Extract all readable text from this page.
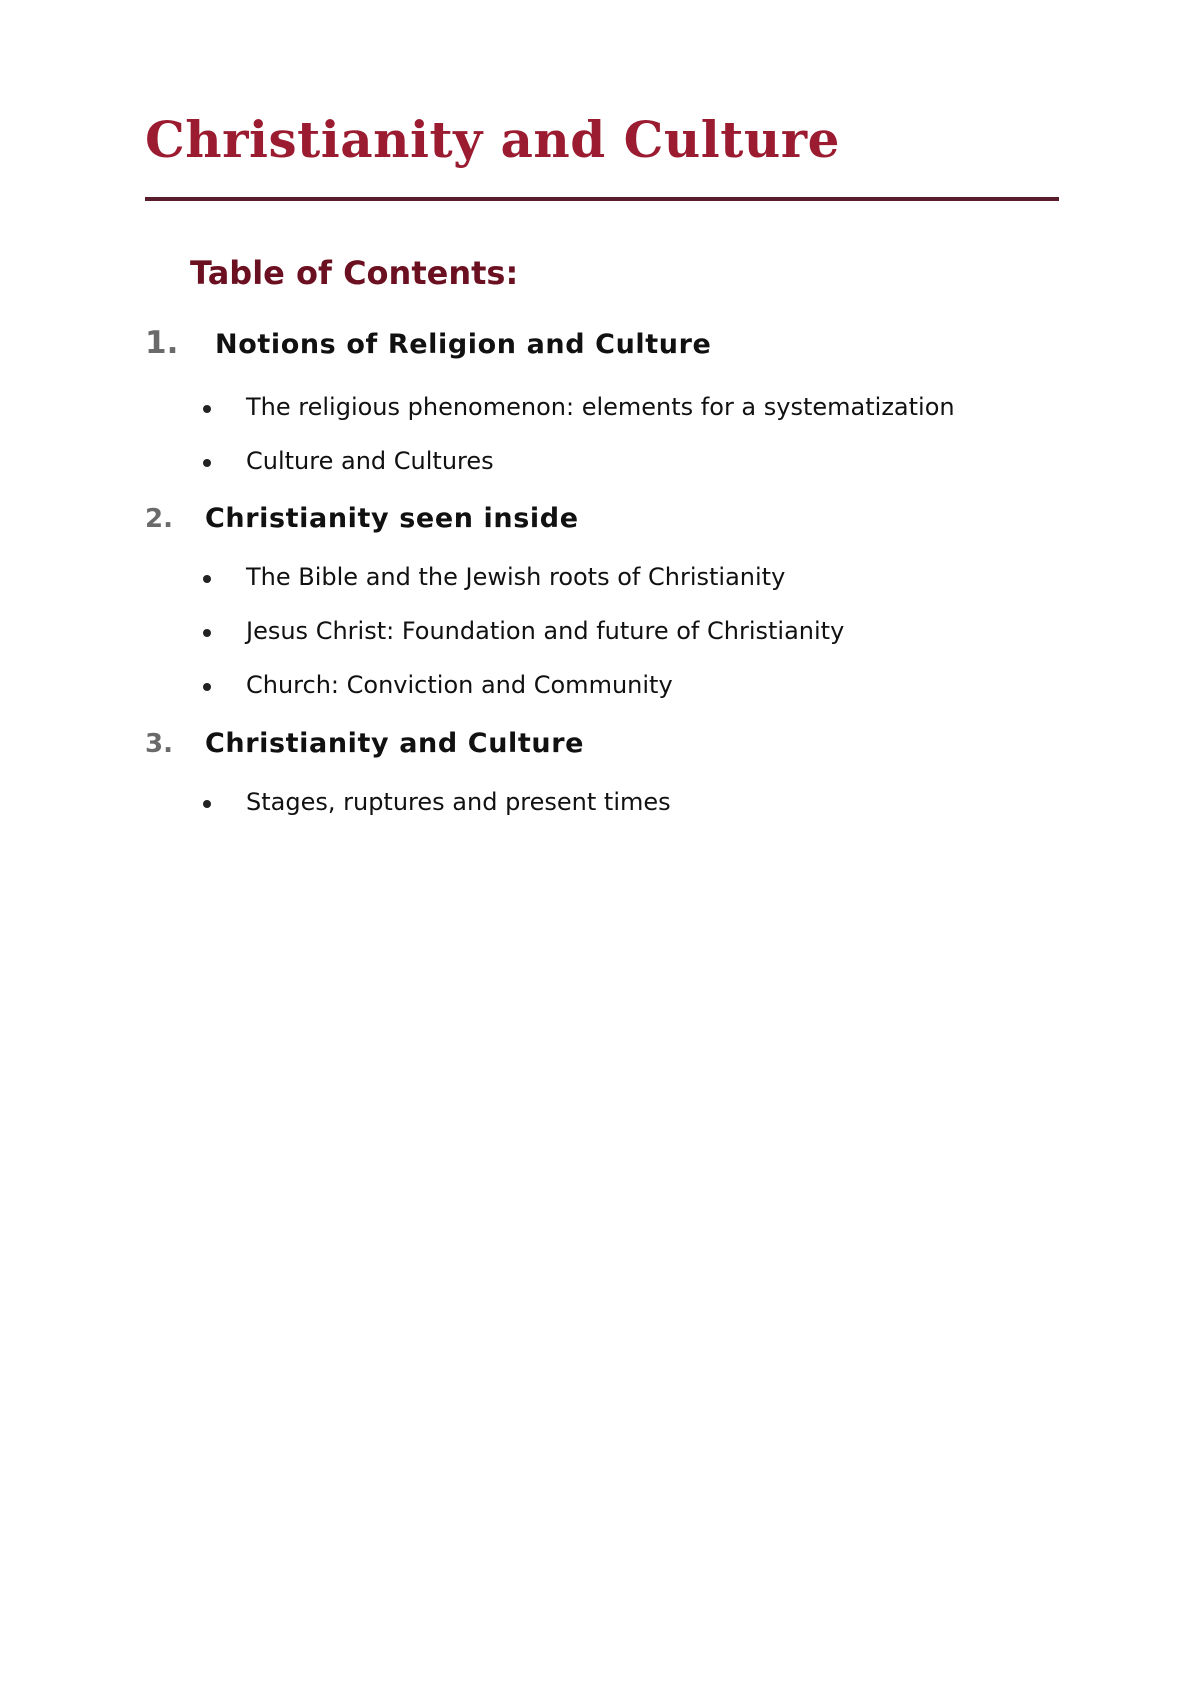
Christianity and Culture
Table of Contents:
1. Notions of Religion and Culture
The religious phenomenon: elements for a systematization
Culture and Cultures
2. Christianity seen inside
The Bible and the Jewish roots of Christianity
Jesus Christ: Foundation and future of Christianity
Church: Conviction and Community
3. Christianity and Culture
Stages, ruptures and present times
